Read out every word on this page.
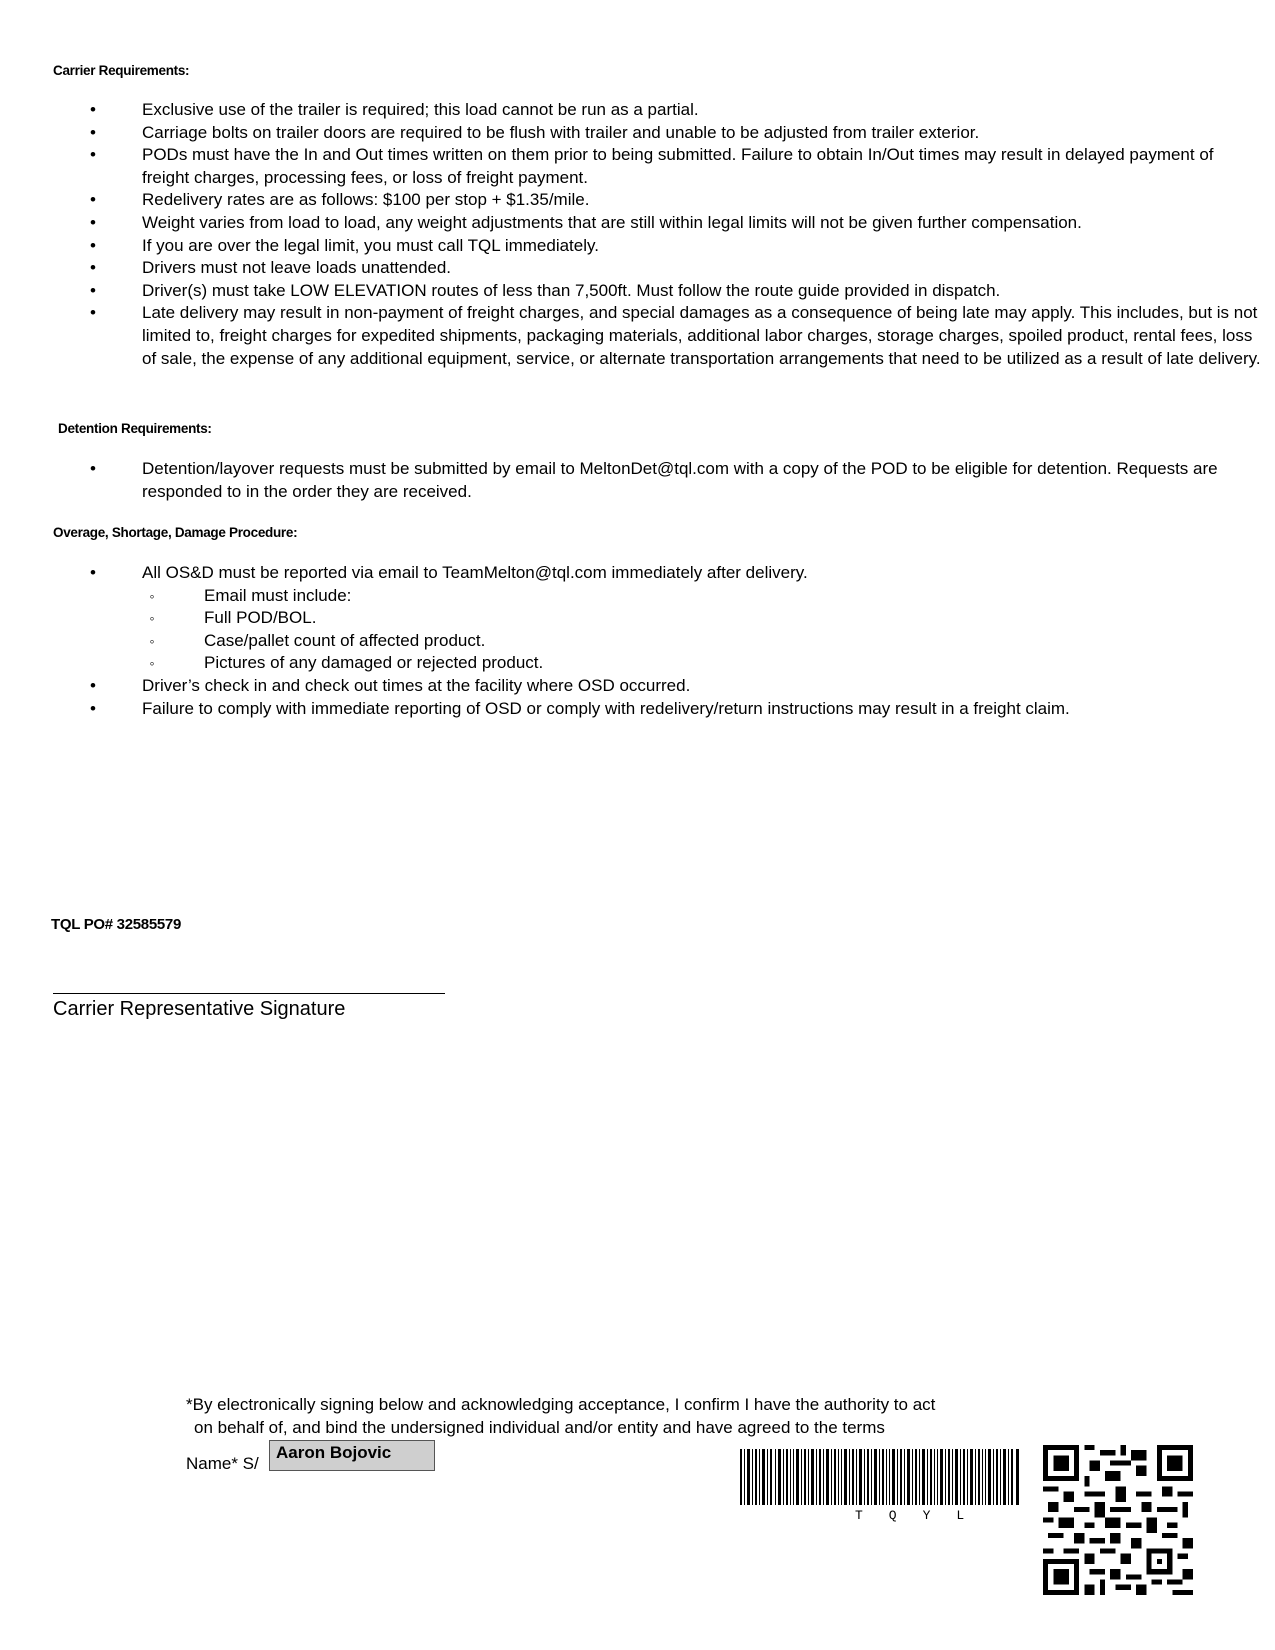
Carrier Requirements:
•	Exclusive use of the trailer is required; this load cannot be run as a partial.
•	Carriage bolts on trailer doors are required to be flush with trailer and unable to be adjusted from trailer exterior.
•	PODs must have the In and Out times written on them prior to being submitted. Failure to obtain In/Out times may result in delayed payment of freight charges, processing fees, or loss of freight payment.
•	Redelivery rates are as follows: $100 per stop + $1.35/mile.
•	Weight varies from load to load, any weight adjustments that are still within legal limits will not be given further compensation.
•	If you are over the legal limit, you must call TQL immediately.
•	Drivers must not leave loads unattended.
•	Driver(s) must take LOW ELEVATION routes of less than 7,500ft. Must follow the route guide provided in dispatch.
•	Late delivery may result in non-payment of freight charges, and special damages as a consequence of being late may apply. This includes, but is not limited to, freight charges for expedited shipments, packaging materials, additional labor charges, storage charges, spoiled product, rental fees, loss of sale, the expense of any additional equipment, service, or alternate transportation arrangements that need to be utilized as a result of late delivery.
Detention Requirements:
•	Detention/layover requests must be submitted by email to MeltonDet@tql.com with a copy of the POD to be eligible for detention. Requests are responded to in the order they are received.
Overage, Shortage, Damage Procedure:
•	All OS&D must be reported via email to TeamMelton@tql.com immediately after delivery.
◦	Email must include:
◦	Full POD/BOL.
◦	Case/pallet count of affected product.
◦	Pictures of any damaged or rejected product.
•	Driver’s check in and check out times at the facility where OSD occurred.
•	Failure to comply with immediate reporting of OSD or comply with redelivery/return instructions may result in a freight claim.
TQL PO# 32585579
Carrier Representative Signature
*By electronically signing below and acknowledging acceptance, I confirm I have the authority to act
on behalf of, and bind the undersigned individual and/or entity and have agreed to the terms
Name* S/
Aaron Bojovic
TQYL
